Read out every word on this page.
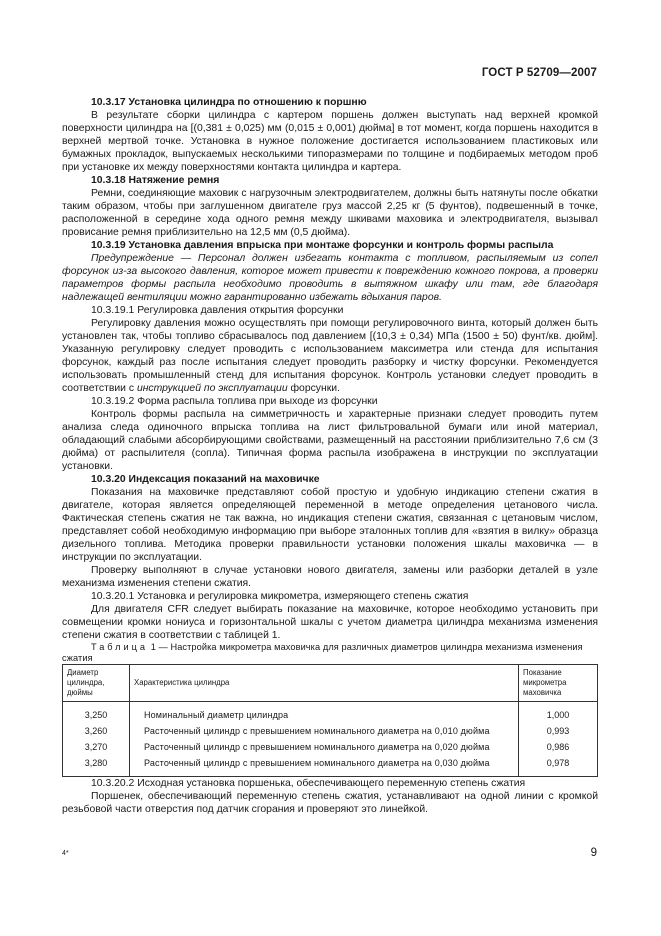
ГОСТ Р 52709—2007

10.3.17 Установка цилиндра по отношению к поршню

В результате сборки цилиндра с картером поршень должен выступать над верхней кромкой поверхности цилиндра на [(0,381 ± 0,025) мм (0,015 ± 0,001) дюйма] в тот момент, когда поршень находится в верхней мертвой точке. Установка в нужное положение достигается использованием пластиковых или бумажных прокладок, выпускаемых несколькими типоразмерами по толщине и подбираемых методом проб при установке их между поверхностями контакта цилиндра и картера.

10.3.18 Натяжение ремня

Ремни, соединяющие маховик с нагрузочным электродвигателем, должны быть натянуты после обкатки таким образом, чтобы при заглушенном двигателе груз массой 2,25 кг (5 фунтов), подвешенный в точке, расположенной в середине хода одного ремня между шкивами маховика и электродвигателя, вызывал провисание ремня приблизительно на 12,5 мм (0,5 дюйма).

10.3.19 Установка давления впрыска при монтаже форсунки и контроль формы распыла

Предупреждение — Персонал должен избегать контакта с топливом, распыляемым из сопел форсунок из-за высокого давления, которое может привести к повреждению кожного покрова, а проверки параметров формы распыла необходимо проводить в вытяжном шкафу или там, где благодаря надлежащей вентиляции можно гарантированно избежать вдыхания паров.

10.3.19.1 Регулировка давления открытия форсунки

Регулировку давления можно осуществлять при помощи регулировочного винта, который должен быть установлен так, чтобы топливо сбрасывалось под давлением [(10,3 ± 0,34) МПа (1500 ± 50) фунт/кв. дюйм]. Указанную регулировку следует проводить с использованием максиметра или стенда для испытания форсунок, каждый раз после испытания следует проводить разборку и чистку форсунки. Рекомендуется использовать промышленный стенд для испытания форсунок. Контроль установки следует проводить в соответствии с инструкцией по эксплуатации форсунки.

10.3.19.2 Форма распыла топлива при выходе из форсунки

Контроль формы распыла на симметричность и характерные признаки следует проводить путем анализа следа одиночного впрыска топлива на лист фильтровальной бумаги или иной материал, обладающий слабыми абсорбирующими свойствами, размещенный на расстоянии приблизительно 7,6 см (3 дюйма) от распылителя (сопла). Типичная форма распыла изображена в инструкции по эксплуатации установки.

10.3.20 Индексация показаний на маховичке

Показания на маховичке представляют собой простую и удобную индикацию степени сжатия в двигателе, которая является определяющей переменной в методе определения цетанового числа. Фактическая степень сжатия не так важна, но индикация степени сжатия, связанная с цетановым числом, представляет собой необходимую информацию при выборе эталонных топлив для «взятия в вилку» образца дизельного топлива. Методика проверки правильности установки положения шкалы маховичка — в инструкции по эксплуатации.

Проверку выполняют в случае установки нового двигателя, замены или разборки деталей в узле механизма изменения степени сжатия.

10.3.20.1 Установка и регулировка микрометра, измеряющего степень сжатия

Для двигателя CFR следует выбирать показание на маховичке, которое необходимо установить при совмещении кромки нониуса и горизонтальной шкалы с учетом диаметра цилиндра механизма изменения степени сжатия в соответствии с таблицей 1.

Таблица 1 — Настройка микрометра маховичка для различных диаметров цилиндра механизма изменения сжатия

Диаметр цилиндра, дюймы	Характеристика цилиндра	Показание микрометра маховичка
3,250	Номинальный диаметр цилиндра	1,000
3,260	Расточенный цилиндр с превышением номинального диаметра на 0,010 дюйма	0,993
3,270	Расточенный цилиндр с превышением номинального диаметра на 0,020 дюйма	0,986
3,280	Расточенный цилиндр с превышением номинального диаметра на 0,030 дюйма	0,978

10.3.20.2 Исходная установка поршенька, обеспечивающего переменную степень сжатия

Поршенек, обеспечивающий переменную степень сжатия, устанавливают на одной линии с кромкой резьбовой части отверстия под датчик сгорания и проверяют это линейкой.

4*	9
